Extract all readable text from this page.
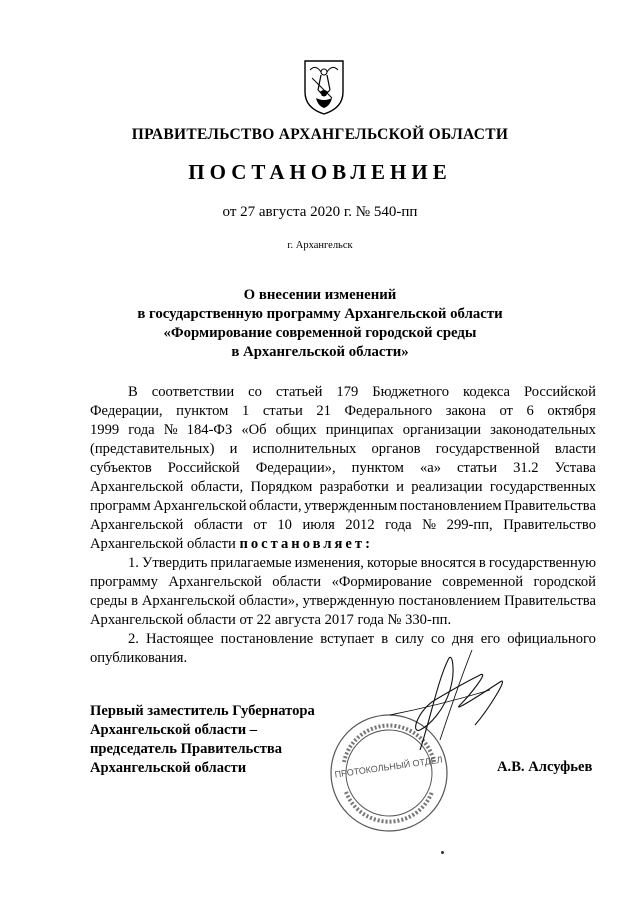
ПРАВИТЕЛЬСТВО АРХАНГЕЛЬСКОЙ ОБЛАСТИ
ПОСТАНОВЛЕНИЕ
от 27 августа 2020 г. № 540-пп
г. Архангельск
О внесении изменений
в государственную программу Архангельской области
«Формирование современной городской среды
в Архангельской области»
В соответствии со статьей 179 Бюджетного кодекса Российской
Федерации, пунктом 1 статьи 21 Федерального закона от 6 октября
1999 года № 184-ФЗ «Об общих принципах организации законодательных
(представительных) и исполнительных органов государственной власти
субъектов Российской Федерации», пунктом «а» статьи 31.2 Устава
Архангельской области, Порядком разработки и реализации государственных
программ Архангельской области, утвержденным постановлением Правительства
Архангельской области от 10 июля 2012 года № 299-пп, Правительство
Архангельской области
постановляет :
1. Утвердить прилагаемые изменения, которые вносятся в государственную
программу Архангельской области «Формирование современной городской
среды в Архангельской области», утвержденную постановлением Правительства
Архангельской области от 22 августа 2017 года № 330-пп.
2. Настоящее постановление вступает в силу со дня его официального
опубликования.
Первый заместитель Губернатора
Архангельской области –
председатель Правительства
Архангельской области	ПРОТОКОЛЬНЫЙ ОТДЕЛ	А.В. Алсуфьев
